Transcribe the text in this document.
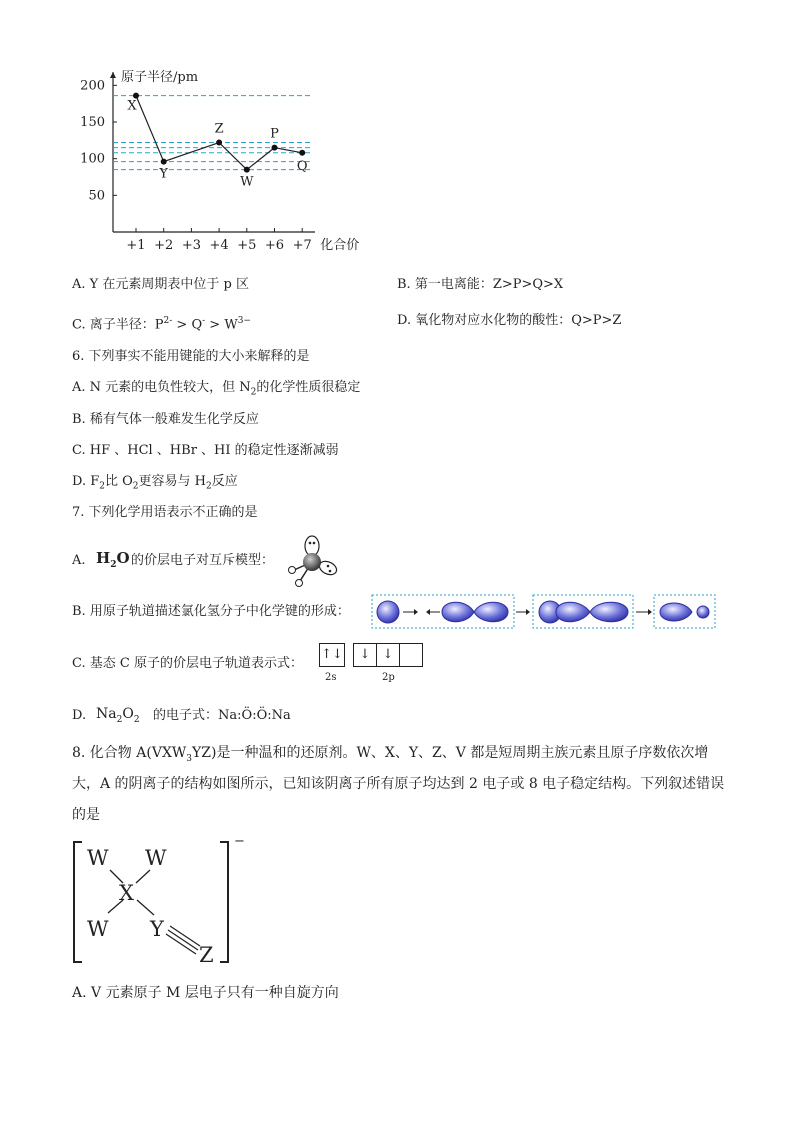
原子半径/pm
50
100
150
200
+1 +2 +3 +4 +5 +6 +7 化合价
X
Y
Z
W
P
Q
A. Y 在元素周期表中位于 p 区	B. 第一电离能：Z>P>Q>X
C. 离子半径：$P^{2-} > Q^- > W^{3-}$	D. 氧化物对应水化物的酸性：Q>P>Z
6. 下列事实不能用键能的大小来解释的是
A. N 元素的电负性较大，但 $N_2$的化学性质很稳定
B. 稀有气体一般难发生化学反应
C. HF 、HCl 、HBr 、HI 的稳定性逐渐减弱
D. $F_2$比 $O_2$更容易与 $H_2$反应
7. 下列化学用语表示不正确的是
A. $H_2O$ 的价层电子对互斥模型：
B. 用原子轨道描述氯化氢分子中化学键的形成：
C. 基态 C 原子的价层电子轨道表示式：
↑↓	↓ ↓
2s	2p
D. $Na_2O_2$ 的电子式：Na:Ö:Ö:Na
8. 化合物 $A(VXW_3YZ)$是一种温和的还原剂。W、X、Y、Z、V 都是短周期主族元素且原子序数依次增
大，A 的阴离子的结构如图所示，已知该阴离子所有原子均达到 2 电子或 8 电子稳定结构。下列叙述错误
的是
W W
X
W Y
Z
−
A. V 元素原子 M 层电子只有一种自旋方向
